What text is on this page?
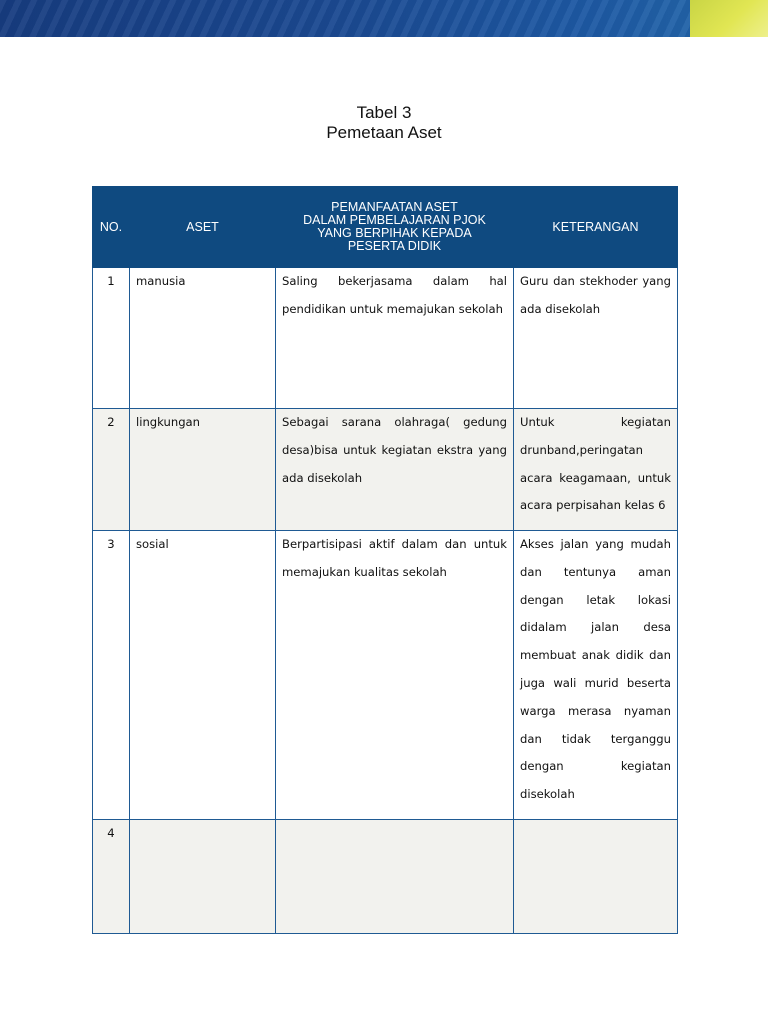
Tabel 3
Pemetaan Aset
NO.	ASET	PEMANFAATAN ASET
DALAM PEMBELAJARAN PJOK
YANG BERPIHAK KEPADA
PESERTA DIDIK	KETERANGAN
1	manusia	Saling bekerjasama dalam hal pendidikan untuk memajukan sekolah	Guru dan stekhoder yang ada disekolah
2	lingkungan	Sebagai sarana olahraga( gedung desa)bisa untuk kegiatan ekstra yang ada disekolah	Untuk kegiatan drunband,peringatan acara keagamaan, untuk acara perpisahan kelas 6
3	sosial	Berpartisipasi aktif dalam dan untuk memajukan kualitas sekolah	Akses jalan yang mudah dan tentunya aman dengan letak lokasi didalam jalan desa membuat anak didik dan juga wali murid beserta warga merasa nyaman dan tidak terganggu dengan kegiatan disekolah
4			
